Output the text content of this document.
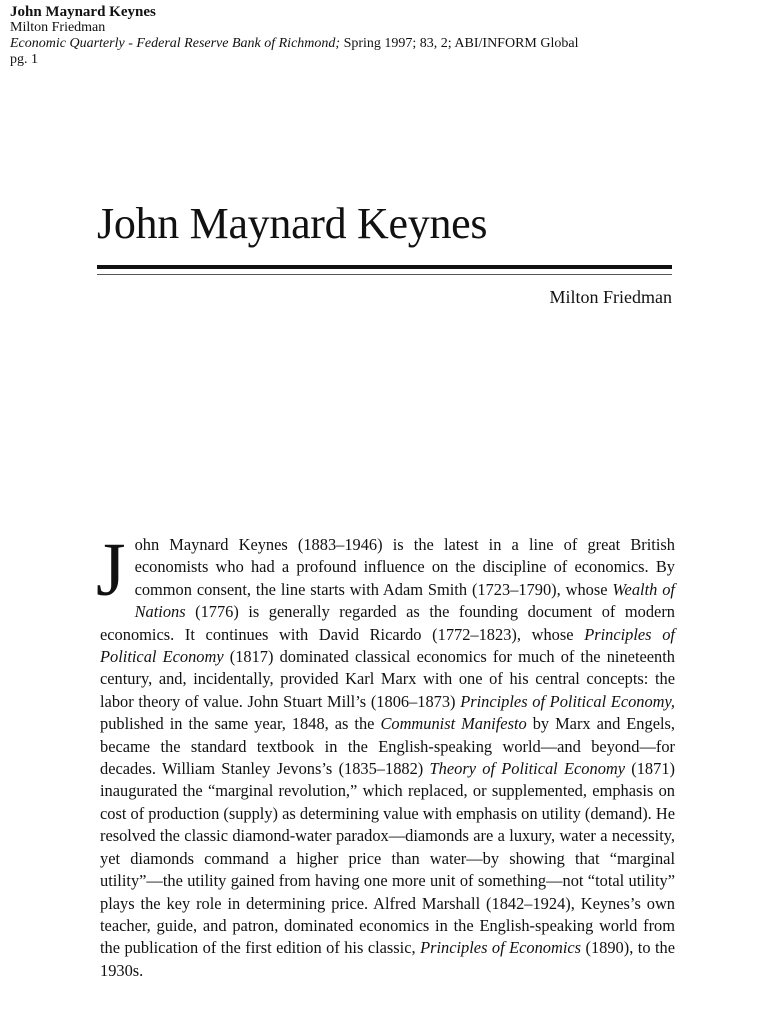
John Maynard Keynes
Milton Friedman
Economic Quarterly - Federal Reserve Bank of Richmond; Spring 1997; 83, 2; ABI/INFORM Global
pg. 1
John Maynard Keynes
Milton Friedman

John Maynard Keynes (1883–1946) is the latest in a line of great British economists who had a profound influence on the discipline of economics. By common consent, the line starts with Adam Smith (1723–1790), whose Wealth of Nations (1776) is generally regarded as the founding document of modern economics. It continues with David Ricardo (1772–1823), whose Principles of Political Economy (1817) dominated classical economics for much of the nineteenth century, and, incidentally, provided Karl Marx with one of his central concepts: the labor theory of value. John Stuart Mill’s (1806–1873) Principles of Political Economy, published in the same year, 1848, as the Communist Manifesto by Marx and Engels, became the standard textbook in the English-speaking world—and beyond—for decades. William Stanley Jevons’s (1835–1882) Theory of Political Economy (1871) inaugurated the “marginal revolution,” which replaced, or supplemented, emphasis on cost of production (supply) as determining value with emphasis on utility (demand). He resolved the classic diamond-water paradox—diamonds are a luxury, water a necessity, yet diamonds command a higher price than water—by showing that “marginal utility”—the utility gained from having one more unit of something—not “total utility” plays the key role in determining price. Alfred Marshall (1842–1924), Keynes’s own teacher, guide, and patron, dominated economics in the English-speaking world from the publication of the first edition of his classic, Principles of Economics (1890), to the 1930s.
